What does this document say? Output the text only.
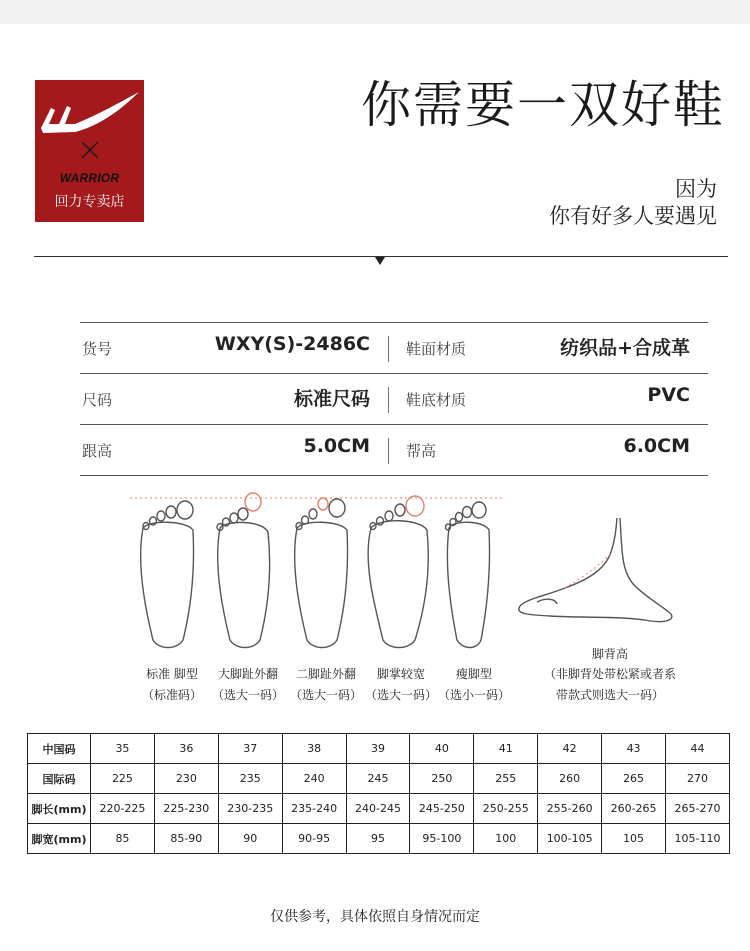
WARRIOR
回力专卖店
你需要一双好鞋
因为
你有好多人要遇见
货号	WXY(S)-2486C 鞋面材质	纺织品+合成革
尺码	标准尺码 鞋底材质	PVC
跟高	5.0CM 帮高	6.0CM
标准 脚型
（标准码）
大脚趾外翻
（选大一码）
二脚趾外翻
（选大一码）
脚掌较宽
（选大一码）
瘦脚型
（选小一码）
脚背高
（非脚背处带松紧或者系
带款式则选大一码）
中国码	35	36	37	38	39	40	41	42	43	44
国际码	225	230	235	240	245	250	255	260	265	270
脚长(mm)	220-225	225-230	230-235	235-240	240-245	245-250	250-255	255-260	260-265	265-270
脚宽(mm)	85	85-90	90	90-95	95	95-100	100	100-105	105	105-110
仅供参考，具体依照自身情况而定
